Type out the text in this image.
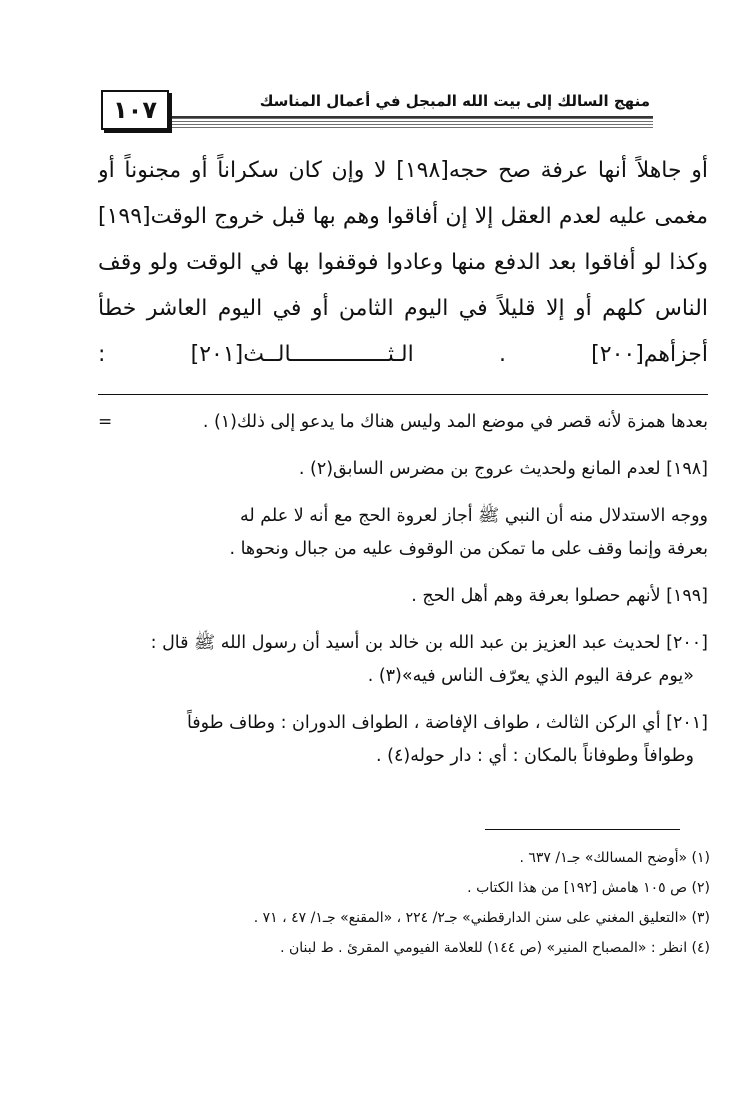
منهج السالك إلى بيت الله المبجل في أعمال المناسك
١٠٧
أو جاهلاً أنها عرفة صح حجه[١٩٨] لا وإن كان سكراناً أو مجنوناً أو
مغمى عليه لعدم العقل إلا إن أفاقوا وهم بها قبل خروج الوقت[١٩٩]
وكذا لو أفاقوا بعد الدفع منها وعادوا فوقفوا بها في الوقت ولو وقف
الناس كلهم أو إلا قليلاً في اليوم الثامن أو في اليوم العاشر خطأ
أجزأهم[٢٠٠] . الـثـــــــــــــــالــث[٢٠١] :
=	بعدها همزة لأنه قصر في موضع المد وليس هناك ما يدعو إلى ذلك(١) .
[١٩٨] لعدم المانع ولحديث عروج بن مضرس السابق(٢) .
ووجه الاستدلال منه أن النبي ﷺ أجاز لعروة الحج مع أنه لا علم له
بعرفة وإنما وقف على ما تمكن من الوقوف عليه من جبال ونحوها .
[١٩٩] لأنهم حصلوا بعرفة وهم أهل الحج .
[٢٠٠] لحديث عبد العزيز بن عبد الله بن خالد بن أسيد أن رسول الله ﷺ قال :
«يوم عرفة اليوم الذي يعرّف الناس فيه»(٣) .
[٢٠١] أي الركن الثالث ، طواف الإفاضة ، الطواف الدوران : وطاف طوفاً
وطوافاً وطوفاناً بالمكان : أي : دار حوله(٤) .
(١) «أوضح المسالك» جـ١/ ٦٣٧ .
(٢) ص ١٠٥ هامش [١٩٢] من هذا الكتاب .
(٣) «التعليق المغني على سنن الدارقطني» جـ٢/ ٢٢٤ ، «المقنع» جـ١/ ٤٧ ، ٧١ .
(٤) انظر : «المصباح المنير» (ص ١٤٤) للعلامة الفيومي المقرئ . ط لبنان .
